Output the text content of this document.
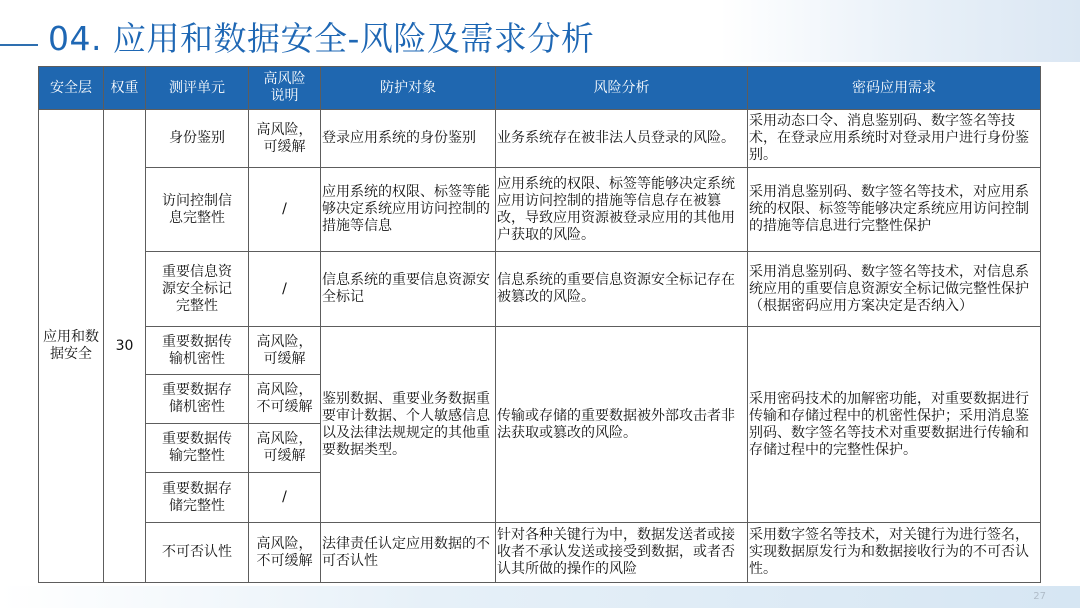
04. 应用和数据安全-风险及需求分析
安全层	权重	测评单元	高风险说明	防护对象	风险分析	密码应用需求

应用和数据安全	30	身份鉴别	高风险，可缓解	登录应用系统的身份鉴别	业务系统存在被非法人员登录的风险。	采用动态口令、消息鉴别码、数字签名等技术，在登录应用系统时对登录用户进行身份鉴别。

		访问控制信息完整性	/	应用系统的权限、标签等能够决定系统应用访问控制的措施等信息	应用系统的权限、标签等能够决定系统应用访问控制的措施等信息存在被篡改，导致应用资源被登录应用的其他用户获取的风险。	采用消息鉴别码、数字签名等技术，对应用系统的权限、标签等能够决定系统应用访问控制的措施等信息进行完整性保护

		重要信息资源安全标记完整性	/	信息系统的重要信息资源安全标记	信息系统的重要信息资源安全标记存在被篡改的风险。	采用消息鉴别码、数字签名等技术，对信息系统应用的重要信息资源安全标记做完整性保护（根据密码应用方案决定是否纳入）

		重要数据传输机密性	高风险，可缓解	鉴别数据、重要业务数据重要审计数据、个人敏感信息以及法律法规规定的其他重要数据类型。	传输或存储的重要数据被外部攻击者非法获取或篡改的风险。	采用密码技术的加解密功能，对重要数据进行传输和存储过程中的机密性保护；采用消息鉴别码、数字签名等技术对重要数据进行传输和存储过程中的完整性保护。

		重要数据存储机密性	高风险，不可缓解			

		重要数据传输完整性	高风险，可缓解			

		重要数据存储完整性	/			
		不可否认性	高风险，不可缓解	法律责任认定应用数据的不可否认性	针对各种关键行为中，数据发送者或接收者不承认发送或接受到数据，或者否认其所做的操作的风险	采用数字签名等技术，对关键行为进行签名，实现数据原发行为和数据接收行为的不可否认性。
27
